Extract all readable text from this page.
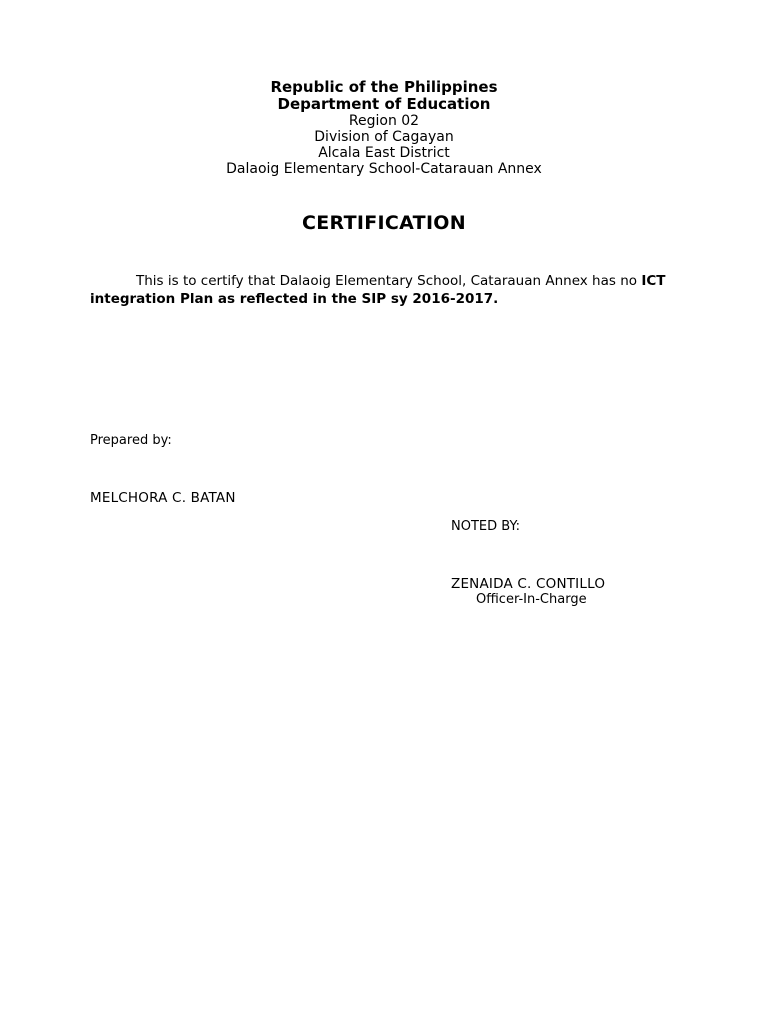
Republic of the Philippines
Department of Education
Region 02
Division of Cagayan
Alcala East District
Dalaoig Elementary School-Catarauan Annex
CERTIFICATION
This is to certify that Dalaoig Elementary School, Catarauan Annex has no ICT integration Plan as reflected in the SIP sy 2016-2017.
Prepared by:
MELCHORA C. BATAN
NOTED BY:
ZENAIDA C. CONTILLO
Officer-In-Charge
